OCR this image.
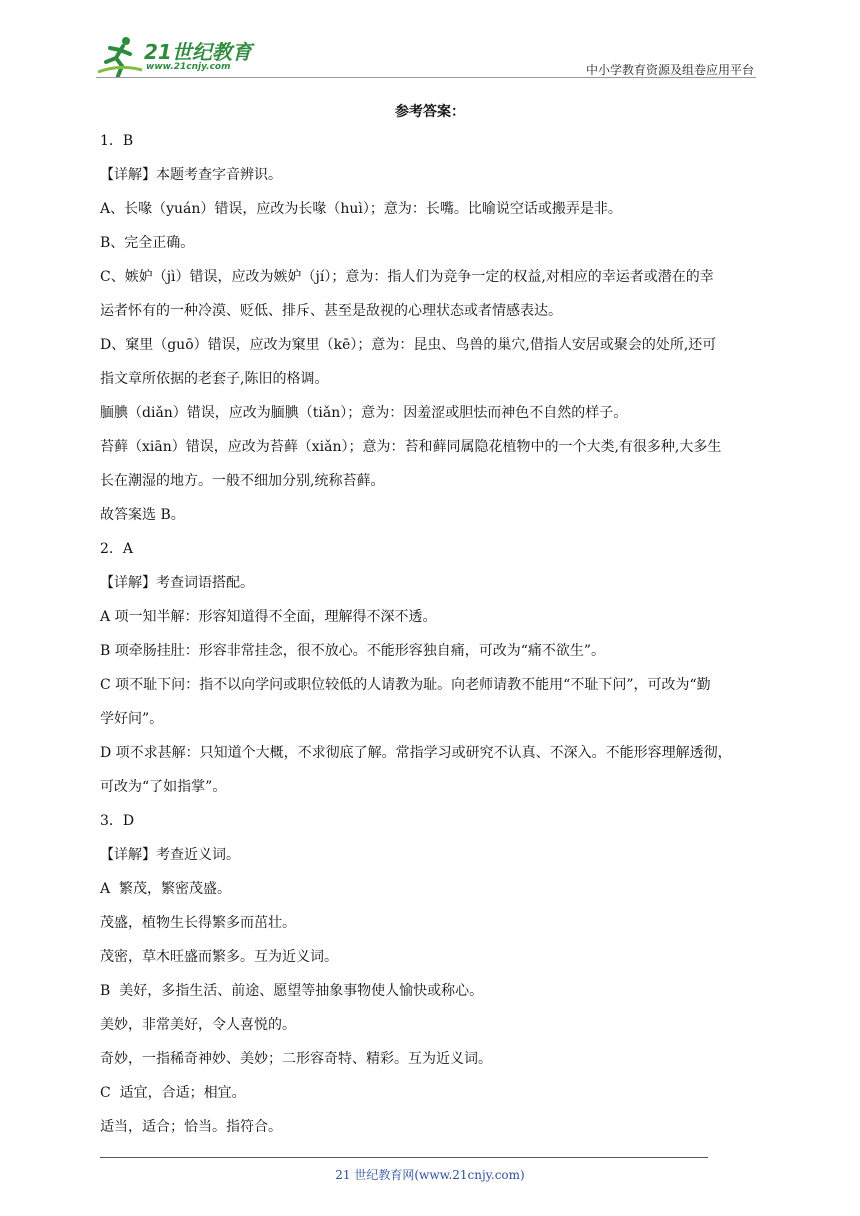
21世纪教育
www.21cnjy.com	中小学教育资源及组卷应用平台
参考答案：

1．B

【详解】本题考查字音辨识。

A、长喙（yuán）错误，应改为长喙（huì）；意为：长嘴。比喻说空话或搬弄是非。

B、完全正确。

C、嫉妒（jì）错误，应改为嫉妒（jí）；意为：指人们为竞争一定的权益,对相应的幸运者或潜在的幸

运者怀有的一种冷漠、贬低、排斥、甚至是敌视的心理状态或者情感表达。

D、窠里（guō）错误，应改为窠里（kē）；意为：昆虫、鸟兽的巢穴,借指人安居或聚会的处所,还可

指文章所依据的老套子,陈旧的格调。

腼腆（diǎn）错误，应改为腼腆（tiǎn）；意为：因羞涩或胆怯而神色不自然的样子。

苔藓（xiān）错误，应改为苔藓（xiǎn）；意为：苔和藓同属隐花植物中的一个大类,有很多种,大多生

长在潮湿的地方。一般不细加分别,统称苔藓。

故答案选 B。

2．A

【详解】考查词语搭配。

A 项一知半解：形容知道得不全面，理解得不深不透。

B 项牵肠挂肚：形容非常挂念，很不放心。不能形容独自痛，可改为“痛不欲生”。

C 项不耻下问：指不以向学问或职位较低的人请教为耻。向老师请教不能用“不耻下问”，可改为“勤

学好问”。

D 项不求甚解：只知道个大概，不求彻底了解。常指学习或研究不认真、不深入。不能形容理解透彻，

可改为“了如指掌”。

3．D

【详解】考查近义词。

A  繁茂，繁密茂盛。

茂盛，植物生长得繁多而茁壮。

茂密，草木旺盛而繁多。互为近义词。

B  美好，多指生活、前途、愿望等抽象事物使人愉快或称心。

美妙，非常美好，令人喜悦的。

奇妙，一指稀奇神妙、美妙；二形容奇特、精彩。互为近义词。

C  适宜，合适；相宜。

适当，适合；恰当。指符合。

21 世纪教育网(www.21cnjy.com)
